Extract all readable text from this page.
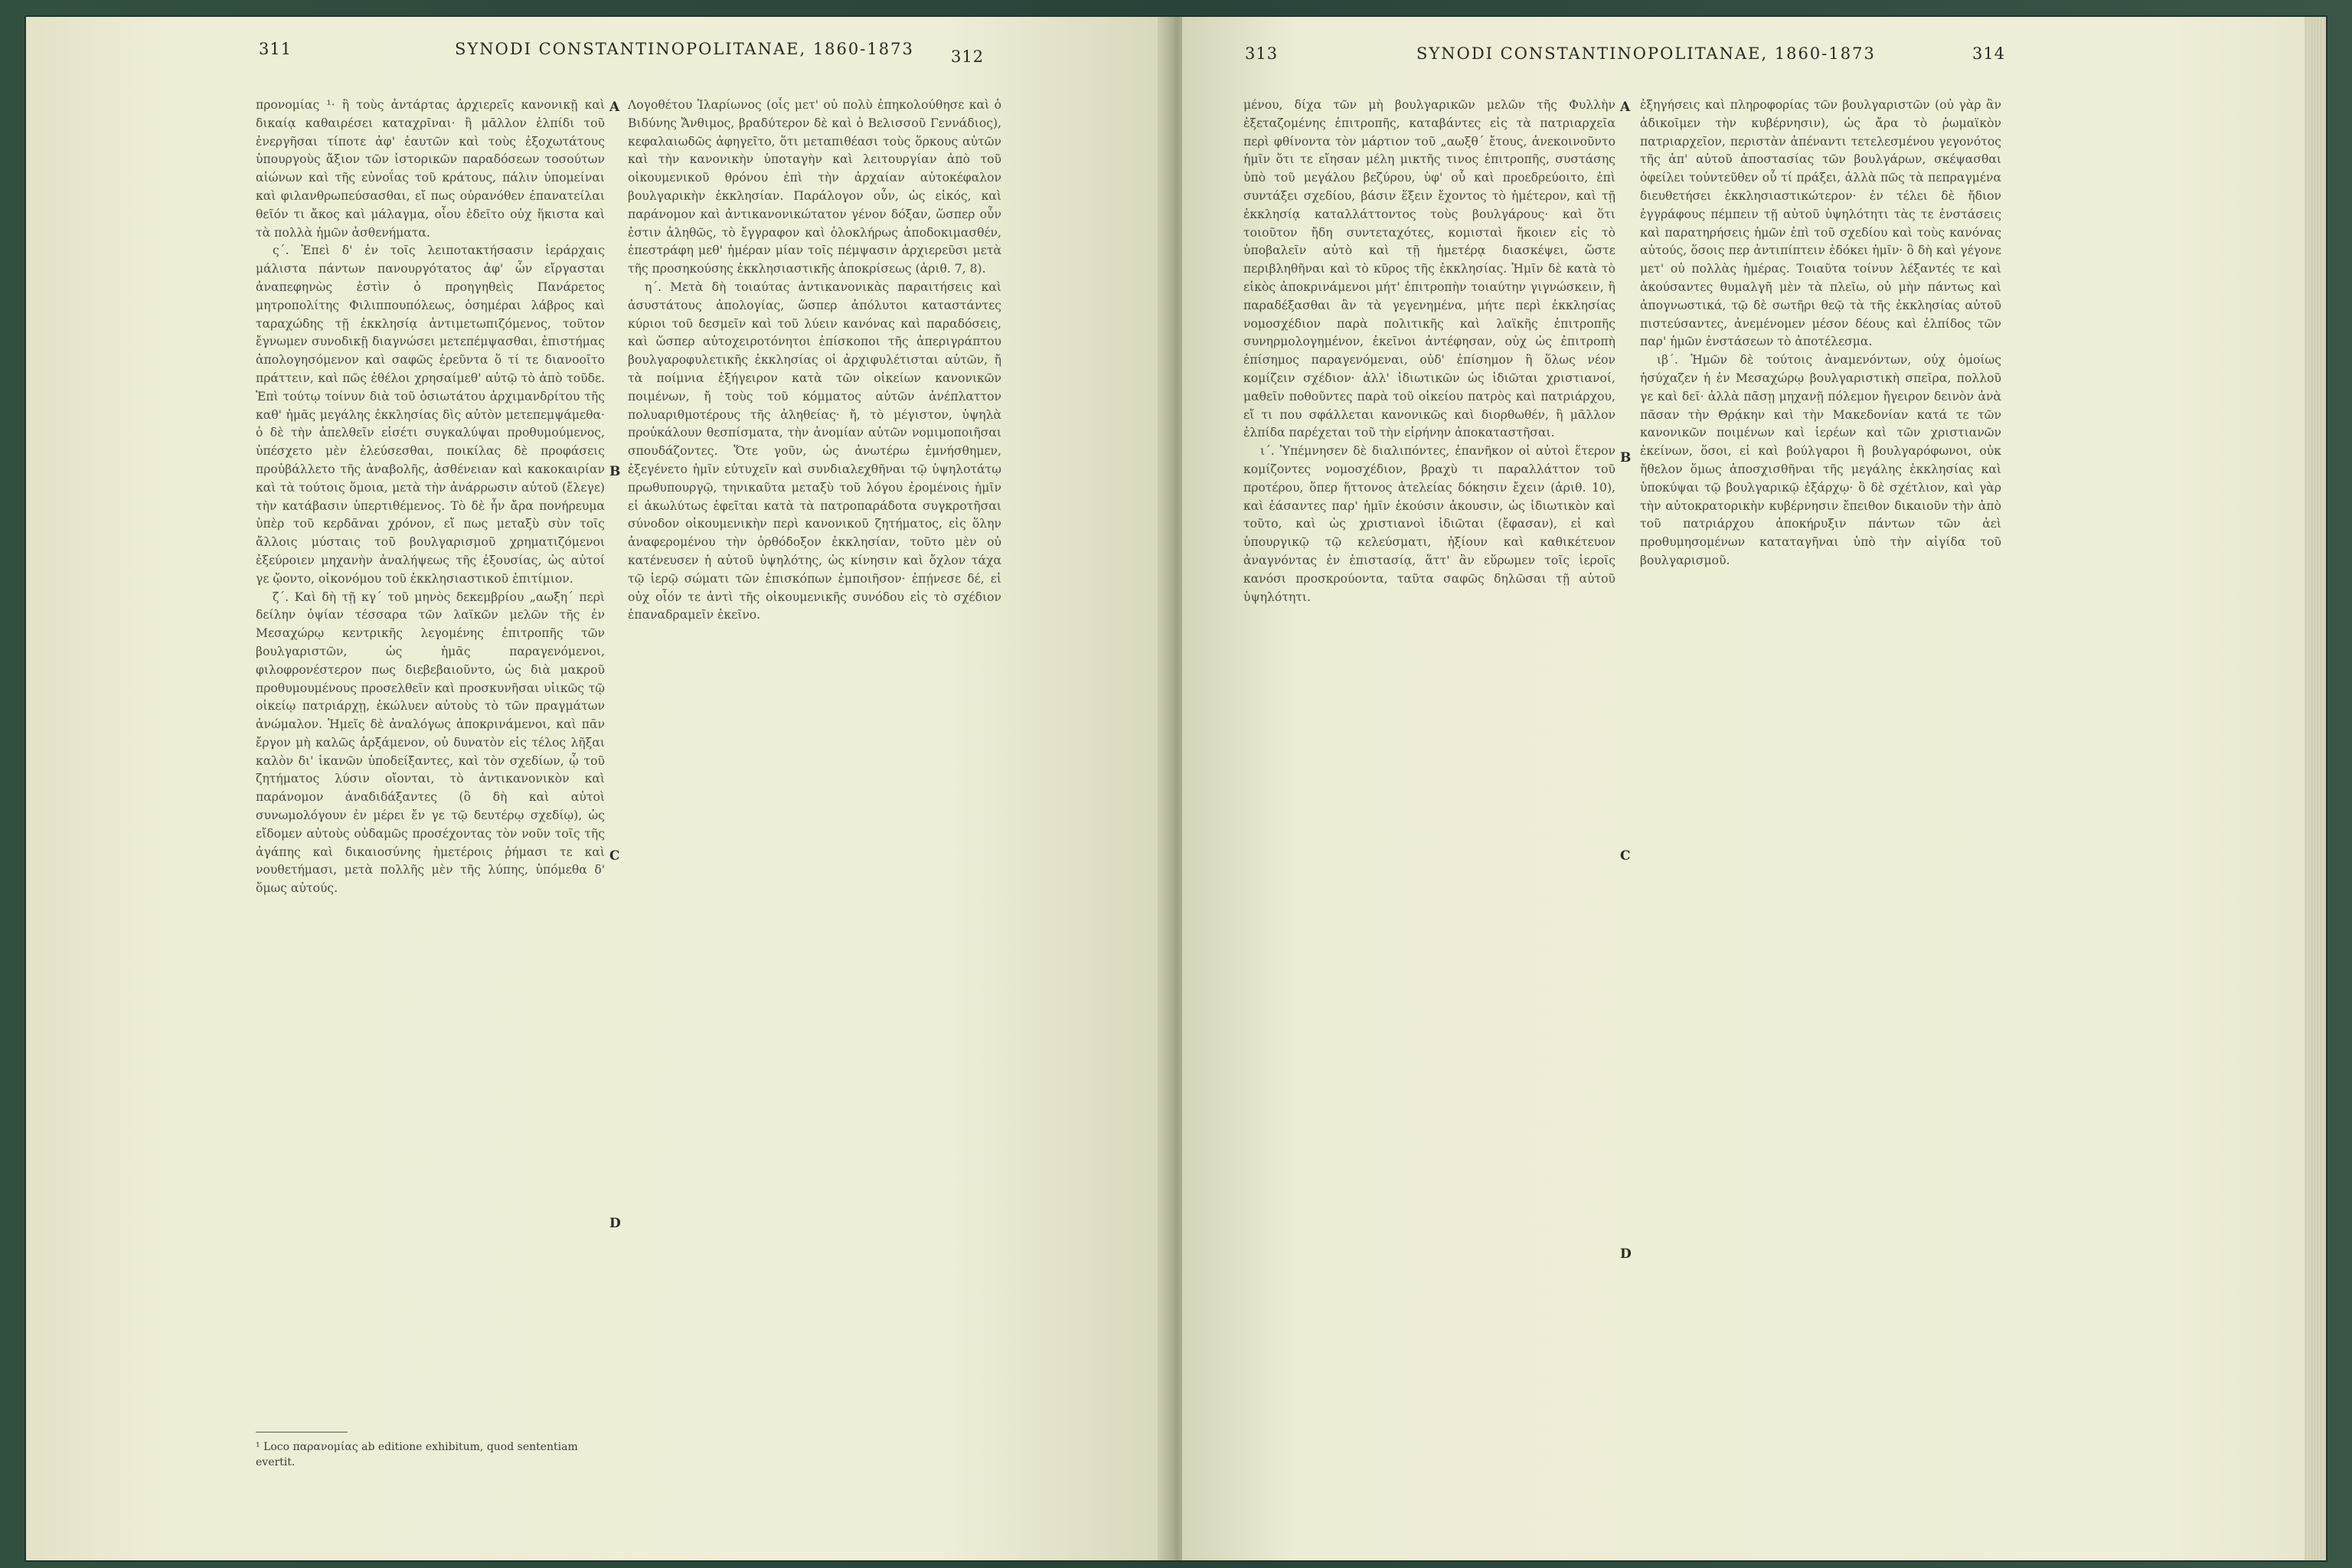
311	SYNODI CONSTANTINOPOLITANAE, 1860-1873 312

προνομίας ¹· ἢ τοὺς ἀντάρτας ἀρχιερεῖς κανονικῇ καὶ δικαίᾳ καθαιρέσει καταχρῖναι· ἢ μᾶλλον ἐλπίδι τοῦ ἐνεργῆσαι τίποτε ἀφ' ἑαυτῶν καὶ τοὺς ἐξοχωτάτους ὑπουργοὺς ἄξιον τῶν ἱστορικῶν παραδόσεων τοσούτων αἰώνων καὶ τῆς εὐνοΐας τοῦ κράτους, πάλιν ὑπομείναι καὶ φιλανθρωπεύσασθαι, εἴ πως οὐρανόθεν ἐπανατείλαι θεῖόν τι ἄκος καὶ μάλαγμα, οἷου ἐδεῖτο οὐχ ἥκιστα καὶ τὰ πολλὰ ἡμῶν ἀσθενήματα.

ς΄. Ἐπεὶ δ' ἐν τοῖς λειποτακτήσασιν ἱεράρχαις μάλιστα πάντων πανουργότατος ἀφ' ὧν εἴργασται ἀναπεφηνὼς ἐστὶν ὁ προηγηθεὶς Πανάρετος μητροπολίτης Φιλιππουπόλεως, ὁσημέραι λάβρος καὶ ταραχώδης τῇ ἐκκλησίᾳ ἀντιμετωπιζόμενος, τοῦτον ἔγνωμεν συνοδικῇ διαγνώσει μετεπέμψασθαι, ἐπιστήμας ἀπολογησόμενον καὶ σαφῶς ἐρεῦντα ὅ τί τε διανοοῖτο πράττειν, καὶ πῶς ἐθέλοι χρησαίμεθ' αὐτῷ τὸ ἀπὸ τοῦδε. Ἐπὶ τούτῳ τοίνυν διὰ τοῦ ὁσιωτάτου ἀρχιμανδρίτου τῆς καθ' ἡμᾶς μεγάλης ἐκκλησίας δὶς αὐτὸν μετεπεμψάμεθα· ὁ δὲ τὴν ἀπελθεῖν εἰσέτι συγκαλύψαι προθυμούμενος, ὑπέσχετο μὲν ἐλεύσεσθαι, ποικίλας δὲ προφάσεις προὐβάλλετο τῆς ἀναβολῆς, ἀσθένειαν καὶ κακοκαιρίαν καὶ τὰ τούτοις ὅμοια, μετὰ τὴν ἀνάρρωσιν αὐτοῦ (ἔλεγε) τὴν κατάβασιν ὑπερτιθέμενος. Τὸ δὲ ἦν ἄρα πονήρευμα ὑπὲρ τοῦ κερδᾶναι χρόνον, εἴ πως μεταξὺ σὺν τοῖς ἄλλοις μύσταις τοῦ βουλγαρισμοῦ χρηματιζόμενοι ἐξεύροιεν μηχανὴν ἀναλήψεως τῆς ἐξουσίας, ὡς αὐτοί γε ᾤοντο, οἰκονόμου τοῦ ἐκκλησιαστικοῦ ἐπιτίμιον.

ζ΄. Καὶ δὴ τῇ κγ΄ τοῦ μηνὸς δεκεμβρίου „αωξη΄ περὶ δείλην ὀψίαν τέσσαρα τῶν λαϊκῶν μελῶν τῆς ἐν Μεσαχώρῳ κεντρικῆς λεγομένης ἐπιτροπῆς τῶν βουλγαριστῶν, ὡς ἡμᾶς παραγενόμενοι, φιλοφρονέστερον πως διεβεβαιοῦντο, ὡς διὰ μακροῦ προθυμουμένους προσελθεῖν καὶ προσκυνῆσαι υἱικῶς τῷ οἰκείῳ πατριάρχῃ, ἐκώλυεν αὐτοὺς τὸ τῶν πραγμάτων ἀνώμαλον. Ἡμεῖς δὲ ἀναλόγως ἀποκρινάμενοι, καὶ πᾶν ἔργον μὴ καλῶς ἀρξάμενον, οὐ δυνατὸν εἰς τέλος λῆξαι καλὸν δι' ἱκανῶν ὑποδείξαντες, καὶ τὸν σχεδίων, ᾧ τοῦ ζητήματος λύσιν οἴονται, τὸ ἀντικανονικὸν καὶ παράνομον ἀναδιδάξαντες (ὃ δὴ καὶ αὐτοὶ συνωμολόγουν ἐν μέρει ἔν γε τῷ δευτέρῳ σχεδίῳ), ὡς εἴδομεν αὐτοὺς οὐδαμῶς προσέχοντας τὸν νοῦν τοῖς τῆς ἀγάπης καὶ δικαιοσύνης ἡμετέροις ῥήμασι τε καὶ νουθετήμασι, μετὰ πολλῆς μὲν τῆς λύπης, ὑπόμεθα δ' ὅμως αὐτούς.

A
B
C
D

Λογοθέτου Ἱλαρίωνος (οἷς μετ' οὐ πολὺ ἐπηκολούθησε καὶ ὁ Βιδύνης Ἄνθιμος, βραδύτερον δὲ καὶ ὁ Βελισσοῦ Γεννάδιος), κεφαλαιωδῶς ἀφηγεῖτο, ὅτι μεταπιθέασι τοὺς ὅρκους αὐτῶν καὶ τὴν κανονικὴν ὑποταγὴν καὶ λειτουργίαν ἀπὸ τοῦ οἰκουμενικοῦ θρόνου ἐπὶ τὴν ἀρχαίαν αὐτοκέφαλον βουλγαρικὴν ἐκκλησίαν. Παράλογον οὖν, ὡς εἰκός, καὶ παράνομον καὶ ἀντικανονικώτατον γένον δόξαν, ὥσπερ οὖν ἐστιν ἀληθῶς, τὸ ἔγγραφον καὶ ὁλοκλήρως ἀποδοκιμασθέν, ἐπεστράφη μεθ' ἡμέραν μίαν τοῖς πέμψασιν ἀρχιερεῦσι μετὰ τῆς προσηκούσης ἐκκλησιαστικῆς ἀποκρίσεως (ἀριθ. 7, 8).

η΄. Μετὰ δὴ τοιαύτας ἀντικανονικὰς παραιτήσεις καὶ ἀσυστάτους ἀπολογίας, ὥσπερ ἀπόλυτοι καταστάντες κύριοι τοῦ δεσμεῖν καὶ τοῦ λύειν κανόνας καὶ παραδόσεις, καὶ ὥσπερ αὐτοχειροτόνητοι ἐπίσκοποι τῆς ἀπεριγράπτου βουλγαροφυλετικῆς ἐκκλησίας οἱ ἀρχιφυλέτισται αὐτῶν, ἤ τὰ ποίμνια ἐξήγειρον κατὰ τῶν οἰκείων κανονικῶν ποιμένων, ἤ τοὺς τοῦ κόμματος αὐτῶν ἀνέπλαττον πολυαριθμοτέρους τῆς ἀληθείας· ἤ, τὸ μέγιστον, ὑψηλὰ προὐκάλουν θεσπίσματα, τὴν ἀνομίαν αὐτῶν νομιμοποιῆσαι σπουδάζοντες. Ὅτε γοῦν, ὡς ἀνωτέρω ἐμνήσθημεν, ἐξεγένετο ἡμῖν εὐτυχεῖν καὶ συνδιαλεχθῆναι τῷ ὑψηλοτάτῳ πρωθυπουργῷ, τηνικαῦτα μεταξὺ τοῦ λόγου ἐρομένοις ἡμῖν εἰ ἀκωλύτως ἐφεῖται κατὰ τὰ πατροπαράδοτα συγκροτῆσαι σύνοδον οἰκουμενικὴν περὶ κανονικοῦ ζητήματος, εἰς ὅλην ἀναφερομένου τὴν ὀρθόδοξον ἐκκλησίαν, τοῦτο μὲν οὐ κατένευσεν ἡ αὐτοῦ ὑψηλότης, ὡς κίνησιν καὶ ὄχλον τάχα τῷ ἱερῷ σώματι τῶν ἐπισκόπων ἐμποιῆσον· ἐπῄνεσε δέ, εἰ οὐχ οἷόν τε ἀντὶ τῆς οἰκουμενικῆς συνόδου εἰς τὸ σχέδιον ἐπαναδραμεῖν ἐκεῖνο.

¹ Loco παρανομίας ab editione exhibitum, quod sententiam evertit.
313	SYNODI CONSTANTINOPOLITANAE, 1860-1873	314

μένου, δίχα τῶν μὴ βουλγαρικῶν μελῶν τῆς Φυλλὴν ἐξεταζομένης ἐπιτροπῆς, καταβάντες εἰς τὰ πατριαρχεῖα περὶ φθίνοντα τὸν μάρτιον τοῦ „αωξθ΄ ἔτους, ἀνεκοινοῦντο ἡμῖν ὅτι τε εἴησαν μέλη μικτῆς τινος ἐπιτροπῆς, συστάσης ὑπὸ τοῦ μεγάλου βεζύρου, ὑφ' οὗ καὶ προεδρεύοιτο, ἐπὶ συντάξει σχεδίου, βάσιν ἕξειν ἔχοντος τὸ ἡμέτερον, καὶ τῇ ἐκκλησίᾳ καταλλάττοντος τοὺς βουλγάρους· καὶ ὅτι τοιοῦτον ἤδη συντεταχότες, κομισταὶ ἥκοιεν εἰς τὸ ὑποβαλεῖν αὐτὸ καὶ τῇ ἡμετέρᾳ διασκέψει, ὥστε περιβληθῆναι καὶ τὸ κῦρος τῆς ἐκκλησίας. Ἡμῖν δὲ κατὰ τὸ εἰκὸς ἀποκρινάμενοι μήτ' ἐπιτροπὴν τοιαύτην γιγνώσκειν, ἢ παραδέξασθαι ἂν τὰ γεγενημένα, μήτε περὶ ἐκκλησίας νομοσχέδιον παρὰ πολιτικῆς καὶ λαϊκῆς ἐπιτροπῆς συνηρμολογημένον, ἐκεῖνοι ἀντέφησαν, οὐχ ὡς ἐπιτροπὴ ἐπίσημος παραγενόμεναι, οὐδ' ἐπίσημον ἢ ὅλως νέον κομίζειν σχέδιον· ἀλλ' ἰδιωτικῶν ὡς ἰδιῶται χριστιανοί, μαθεῖν ποθοῦντες παρὰ τοῦ οἰκείου πατρὸς καὶ πατριάρχου, εἴ τι που σφάλλεται κανονικῶς καὶ διορθωθέν, ἢ μᾶλλον ἐλπίδα παρέχεται τοῦ τὴν εἰρήνην ἀποκαταστῆσαι.

ι΄. Ὑπέμνησεν δὲ διαλιπόντες, ἐπανῆκον οἱ αὐτοὶ ἕτερον κομίζοντες νομοσχέδιον, βραχὺ τι παραλλάττον τοῦ προτέρου, ὅπερ ἥττονος ἀτελείας δόκησιν ἔχειν (ἀριθ. 10), καὶ ἐάσαντες παρ' ἡμῖν ἐκούσιν ἀκουσιν, ὡς ἰδιωτικὸν καὶ τοῦτο, καὶ ὡς χριστιανοὶ ἰδιῶται (ἔφασαν), εἰ καὶ ὑπουργικῷ τῷ κελεύσματι, ἠξίουν καὶ καθικέτευον ἀναγνόντας ἐν ἐπιστασίᾳ, ἅττ' ἂν εὕρωμεν τοῖς ἱεροῖς κανόσι προσκρούοντα, ταῦτα σαφῶς δηλῶσαι τῇ αὐτοῦ ὑψηλότητι.

A
B
C
D

ἐξηγήσεις καὶ πληροφορίας τῶν βουλγαριστῶν (οὐ γὰρ ἂν ἀδικοῖμεν τὴν κυβέρνησιν), ὡς ἄρα τὸ ῥωμαϊκὸν πατριαρχεῖον, περιστὰν ἀπέναντι τετελεσμένου γεγονότος τῆς ἀπ' αὐτοῦ ἀποστασίας τῶν βουλγάρων, σκέψασθαι ὀφείλει τοὐντεῦθεν οὗ τί πράξει, ἀλλὰ πῶς τὰ πεπραγμένα διευθετήσει ἐκκλησιαστικώτερον· ἐν τέλει δὲ ἤδιον ἐγγράφους πέμπειν τῇ αὐτοῦ ὑψηλότητι τὰς τε ἐνστάσεις καὶ παρατηρήσεις ἡμῶν ἐπὶ τοῦ σχεδίου καὶ τοὺς κανόνας αὐτούς, ὅσοις περ ἀντιπίπτειν ἐδόκει ἡμῖν· ὃ δὴ καὶ γέγονε μετ' οὐ πολλὰς ἡμέρας. Τοιαῦτα τοίνυν λέξαντές τε καὶ ἀκούσαντες θυμαλγῆ μὲν τὰ πλεῖω, οὐ μὴν πάντως καὶ ἀπογνωστικά, τῷ δὲ σωτῆρι θεῷ τὰ τῆς ἐκκλησίας αὐτοῦ πιστεύσαντες, ἀνεμένομεν μέσον δέους καὶ ἐλπίδος τῶν παρ' ἡμῶν ἐνστάσεων τὸ ἀποτέλεσμα.

ιβ΄. Ἡμῶν δὲ τούτοις ἀναμενόντων, οὐχ ὁμοίως ἡσύχαζεν ἡ ἐν Μεσαχώρῳ βουλγαριστικὴ σπεῖρα, πολλοῦ γε καὶ δεῖ· ἀλλὰ πᾶσῃ μηχανῇ πόλεμον ἤγειρον δεινὸν ἀνὰ πᾶσαν τὴν Θρᾴκην καὶ τὴν Μακεδονίαν κατά τε τῶν κανονικῶν ποιμένων καὶ ἱερέων καὶ τῶν χριστιανῶν ἐκείνων, ὅσοι, εἰ καὶ βούλγαροι ἢ βουλγαρόφωνοι, οὐκ ἤθελον ὅμως ἀποσχισθῆναι τῆς μεγάλης ἐκκλησίας καὶ ὑποκύψαι τῷ βουλγαρικῷ ἐξάρχῳ· ὃ δὲ σχέτλιον, καὶ γὰρ τὴν αὐτοκρατορικὴν κυβέρνησιν ἔπειθον δικαιοῦν τὴν ἀπὸ τοῦ πατριάρχου ἀποκήρυξιν πάντων τῶν ἀεὶ προθυμησομένων καταταγῆναι ὑπὸ τὴν αἰγίδα τοῦ βουλγαρισμοῦ.
